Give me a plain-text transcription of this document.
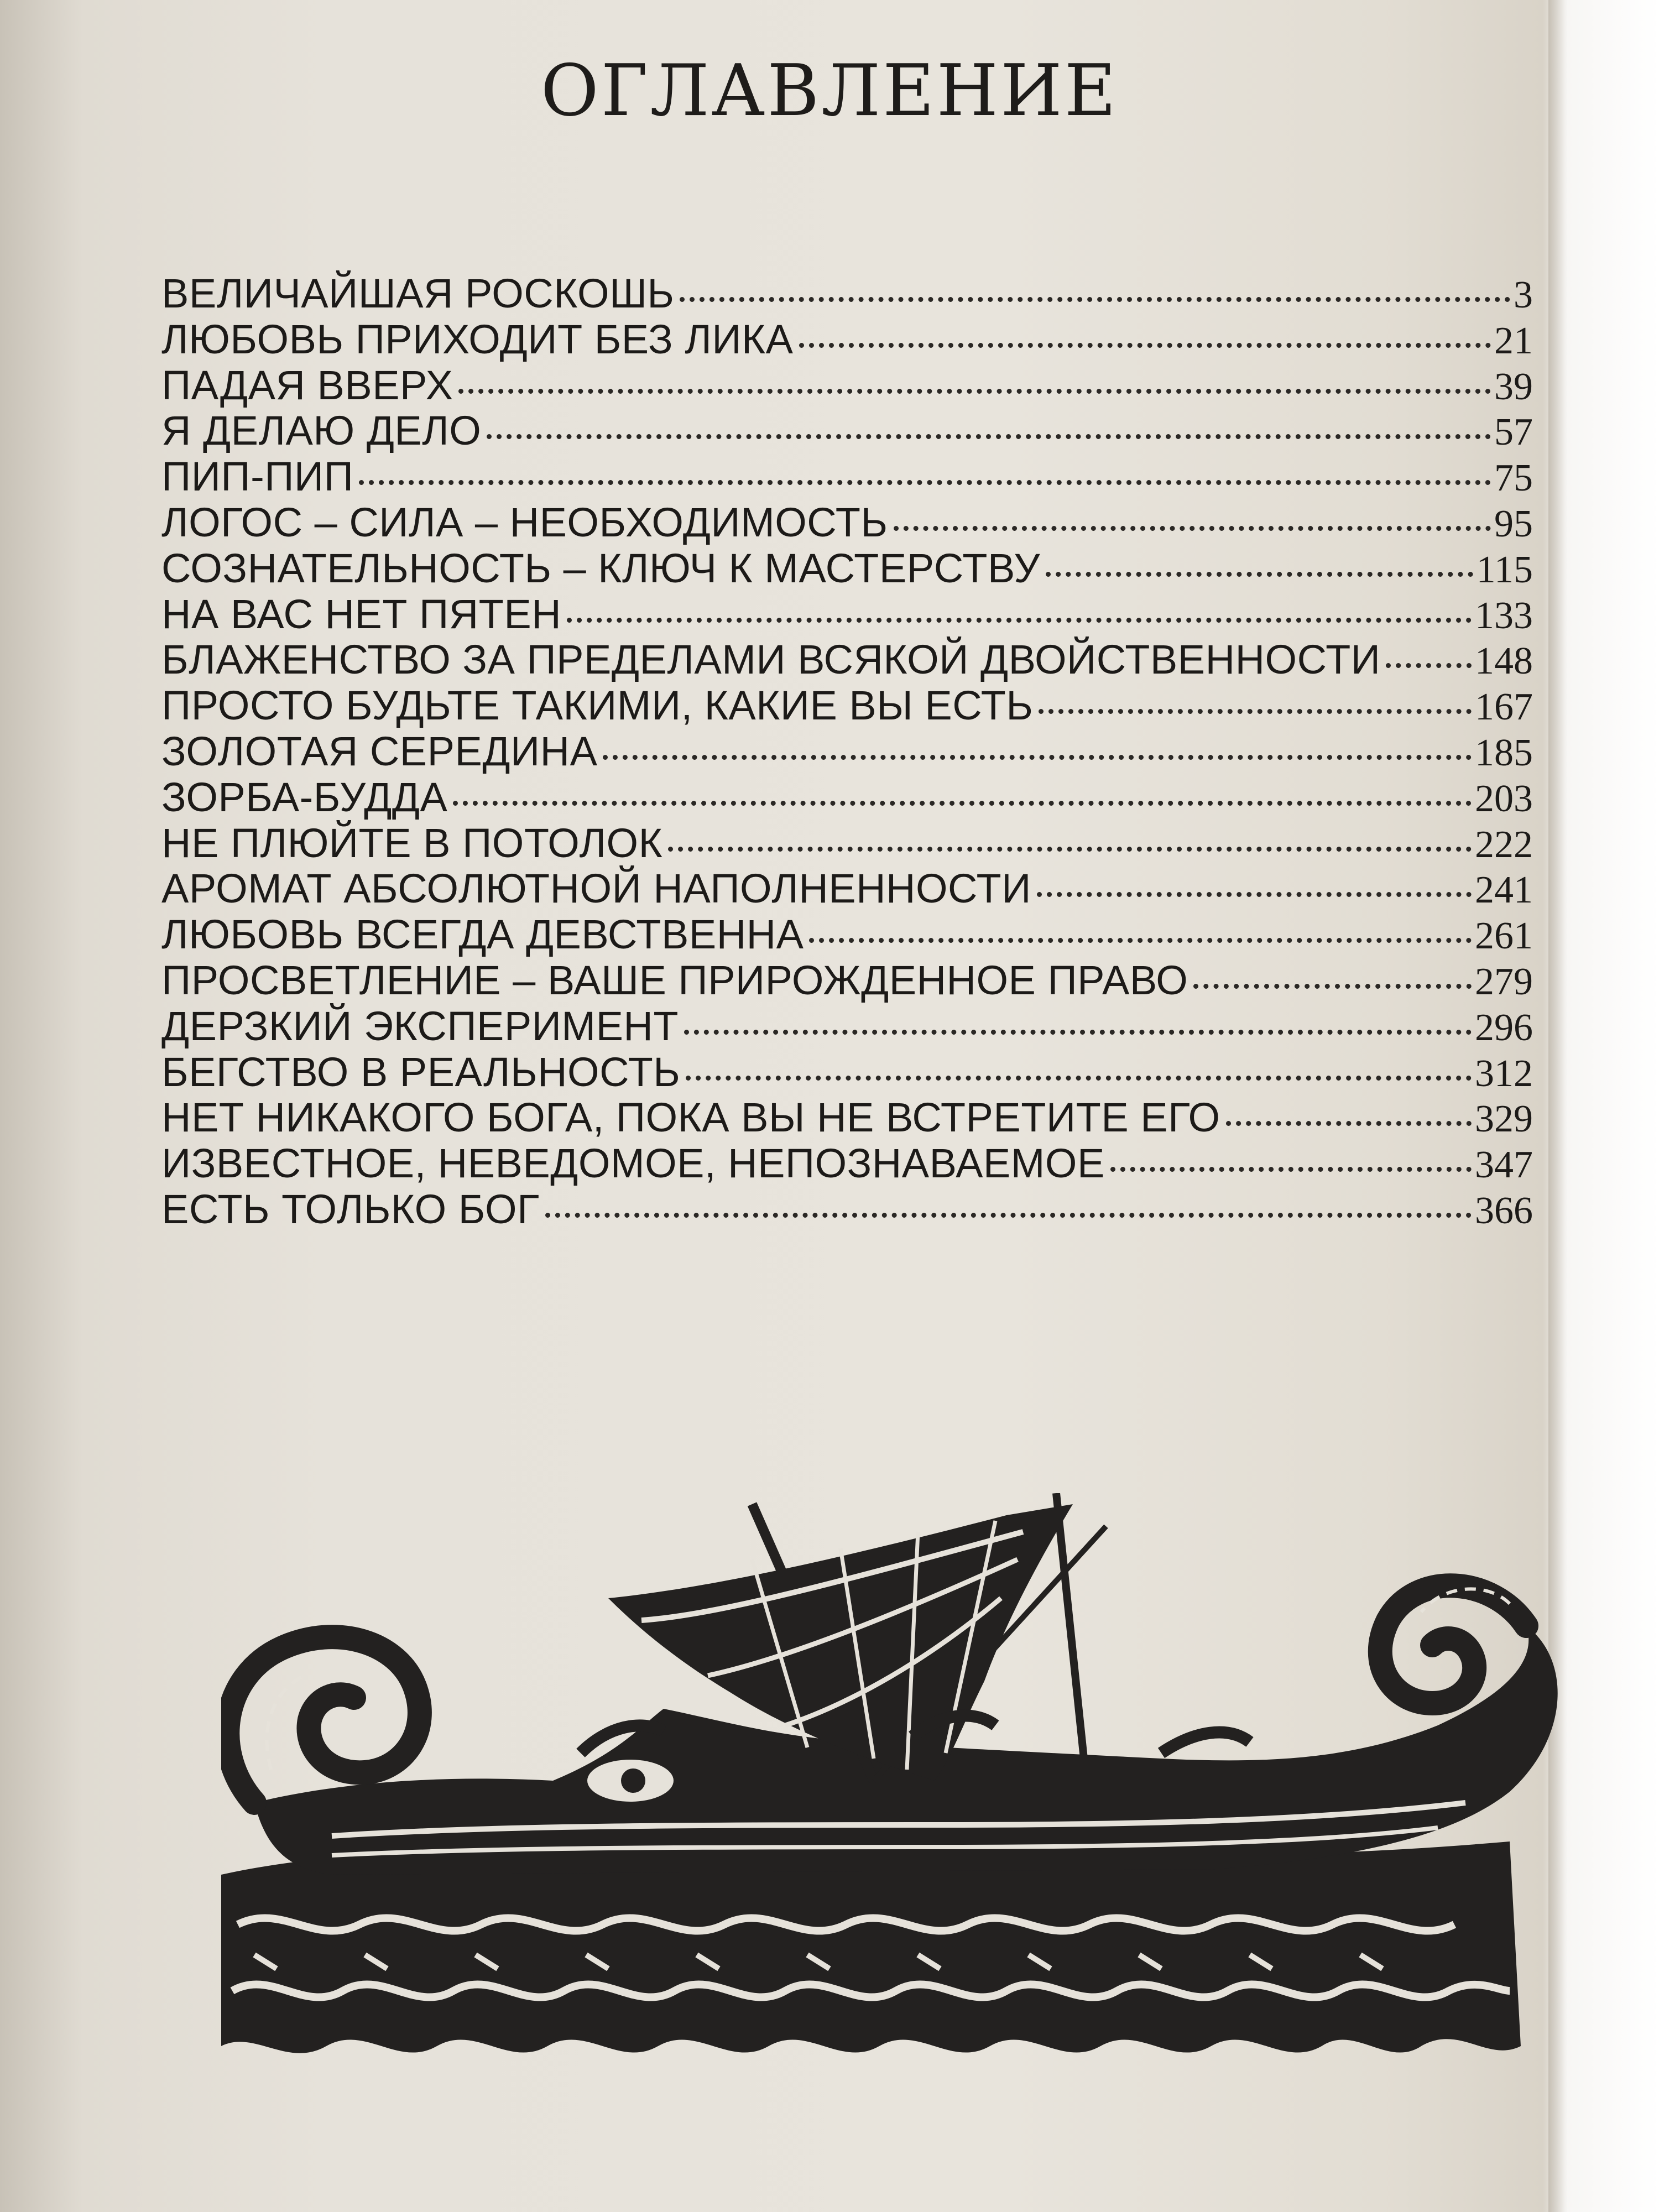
ОГЛАВЛЕНИЕ
ВЕЛИЧАЙШАЯ РОСКОШЬ	3
ЛЮБОВЬ ПРИХОДИТ БЕЗ ЛИКА	21
ПАДАЯ ВВЕРХ	39
Я ДЕЛАЮ ДЕЛО	57
ПИП-ПИП	75
ЛОГОС – СИЛА – НЕОБХОДИМОСТЬ	95
СОЗНАТЕЛЬНОСТЬ – КЛЮЧ К МАСТЕРСТВУ	115
НА ВАС НЕТ ПЯТЕН	133
БЛАЖЕНСТВО ЗА ПРЕДЕЛАМИ ВСЯКОЙ ДВОЙСТВЕННОСТИ 148
ПРОСТО БУДЬТЕ ТАКИМИ, КАКИЕ ВЫ ЕСТЬ	167
ЗОЛОТАЯ СЕРЕДИНА	185
ЗОРБА-БУДДА	203
НЕ ПЛЮЙТЕ В ПОТОЛОК	222
АРОМАТ АБСОЛЮТНОЙ НАПОЛНЕННОСТИ	241
ЛЮБОВЬ ВСЕГДА ДЕВСТВЕННА	261
ПРОСВЕТЛЕНИЕ – ВАШЕ ПРИРОЖДЕННОЕ ПРАВО	279
ДЕРЗКИЙ ЭКСПЕРИМЕНТ	296
БЕГСТВО В РЕАЛЬНОСТЬ	312
НЕТ НИКАКОГО БОГА, ПОКА ВЫ НЕ ВСТРЕТИТЕ ЕГО	329
ИЗВЕСТНОЕ, НЕВЕДОМОЕ, НЕПОЗНАВАЕМОЕ	347
ЕСТЬ ТОЛЬКО БОГ	366
